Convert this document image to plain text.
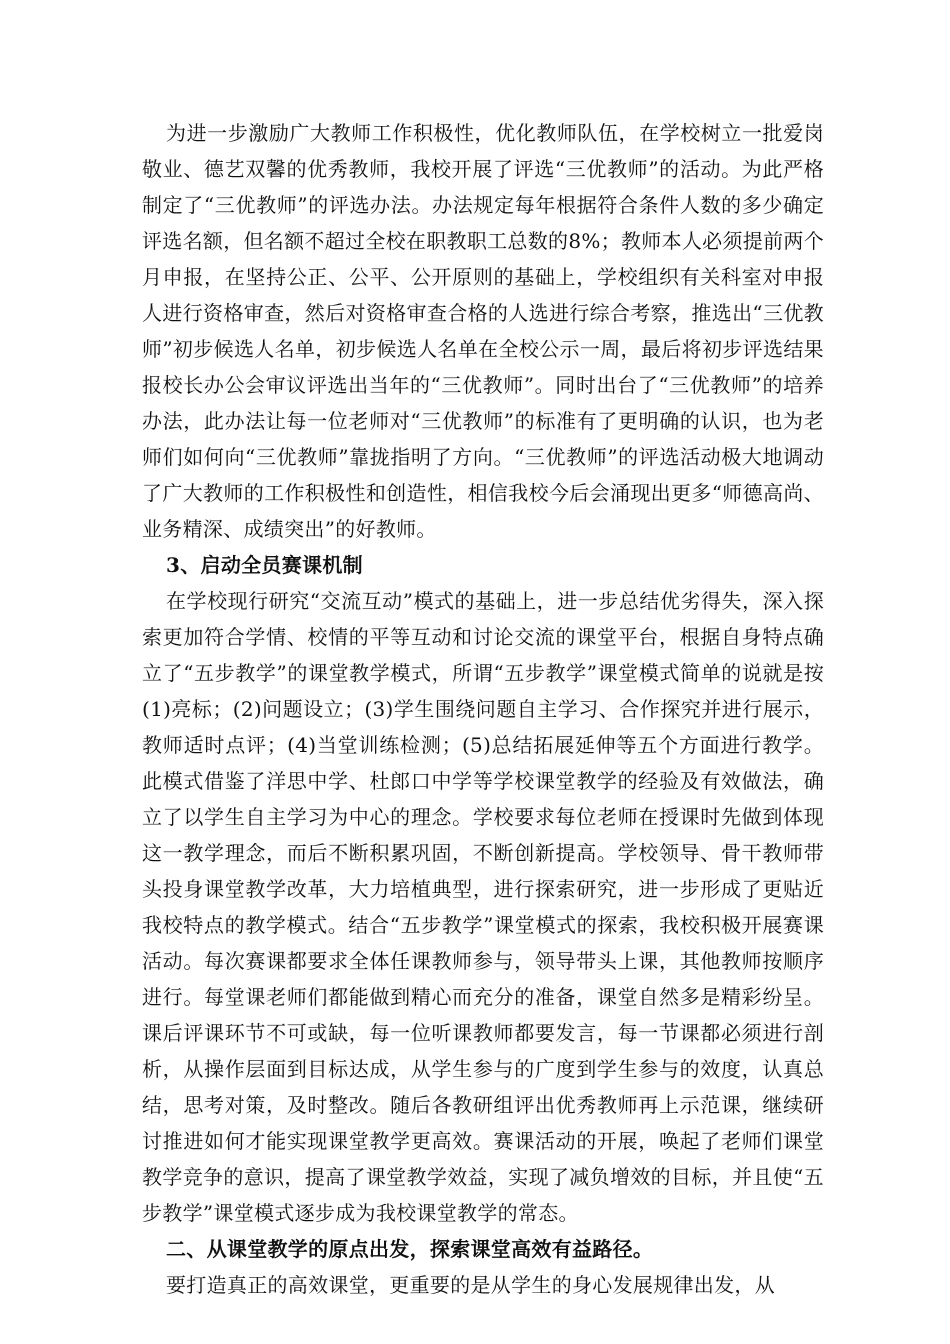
为进一步激励广大教师工作积极性，优化教师队伍，在学校树立一批爱岗敬业、德艺双馨的优秀教师，我校开展了评选“三优教师”的活动。为此严格制定了“三优教师”的评选办法。办法规定每年根据符合条件人数的多少确定评选名额，但名额不超过全校在职教职工总数的8%；教师本人必须提前两个月申报，在坚持公正、公平、公开原则的基础上，学校组织有关科室对申报人进行资格审查，然后对资格审查合格的人选进行综合考察，推选出“三优教师”初步候选人名单，初步候选人名单在全校公示一周，最后将初步评选结果报校长办公会审议评选出当年的“三优教师”。同时出台了“三优教师”的培养办法，此办法让每一位老师对“三优教师”的标准有了更明确的认识，也为老师们如何向“三优教师”靠拢指明了方向。“三优教师”的评选活动极大地调动了广大教师的工作积极性和创造性，相信我校今后会涌现出更多“师德高尚、业务精深、成绩突出”的好教师。

3、启动全员赛课机制

在学校现行研究“交流互动”模式的基础上，进一步总结优劣得失，深入探索更加符合学情、校情的平等互动和讨论交流的课堂平台，根据自身特点确立了“五步教学”的课堂教学模式，所谓“五步教学”课堂模式简单的说就是按(1)亮标；(2)问题设立；(3)学生围绕问题自主学习、合作探究并进行展示，教师适时点评；(4)当堂训练检测；(5)总结拓展延伸等五个方面进行教学。此模式借鉴了洋思中学、杜郎口中学等学校课堂教学的经验及有效做法，确立了以学生自主学习为中心的理念。学校要求每位老师在授课时先做到体现这一教学理念，而后不断积累巩固，不断创新提高。学校领导、骨干教师带头投身课堂教学改革，大力培植典型，进行探索研究，进一步形成了更贴近我校特点的教学模式。结合“五步教学”课堂模式的探索，我校积极开展赛课活动。每次赛课都要求全体任课教师参与，领导带头上课，其他教师按顺序进行。每堂课老师们都能做到精心而充分的准备，课堂自然多是精彩纷呈。课后评课环节不可或缺，每一位听课教师都要发言，每一节课都必须进行剖析，从操作层面到目标达成，从学生参与的广度到学生参与的效度，认真总结，思考对策，及时整改。随后各教研组评出优秀教师再上示范课，继续研讨推进如何才能实现课堂教学更高效。赛课活动的开展，唤起了老师们课堂教学竞争的意识，提高了课堂教学效益，实现了减负增效的目标，并且使“五步教学”课堂模式逐步成为我校课堂教学的常态。

二、从课堂教学的原点出发，探索课堂高效有益路径。

要打造真正的高效课堂，更重要的是从学生的身心发展规律出发，从
